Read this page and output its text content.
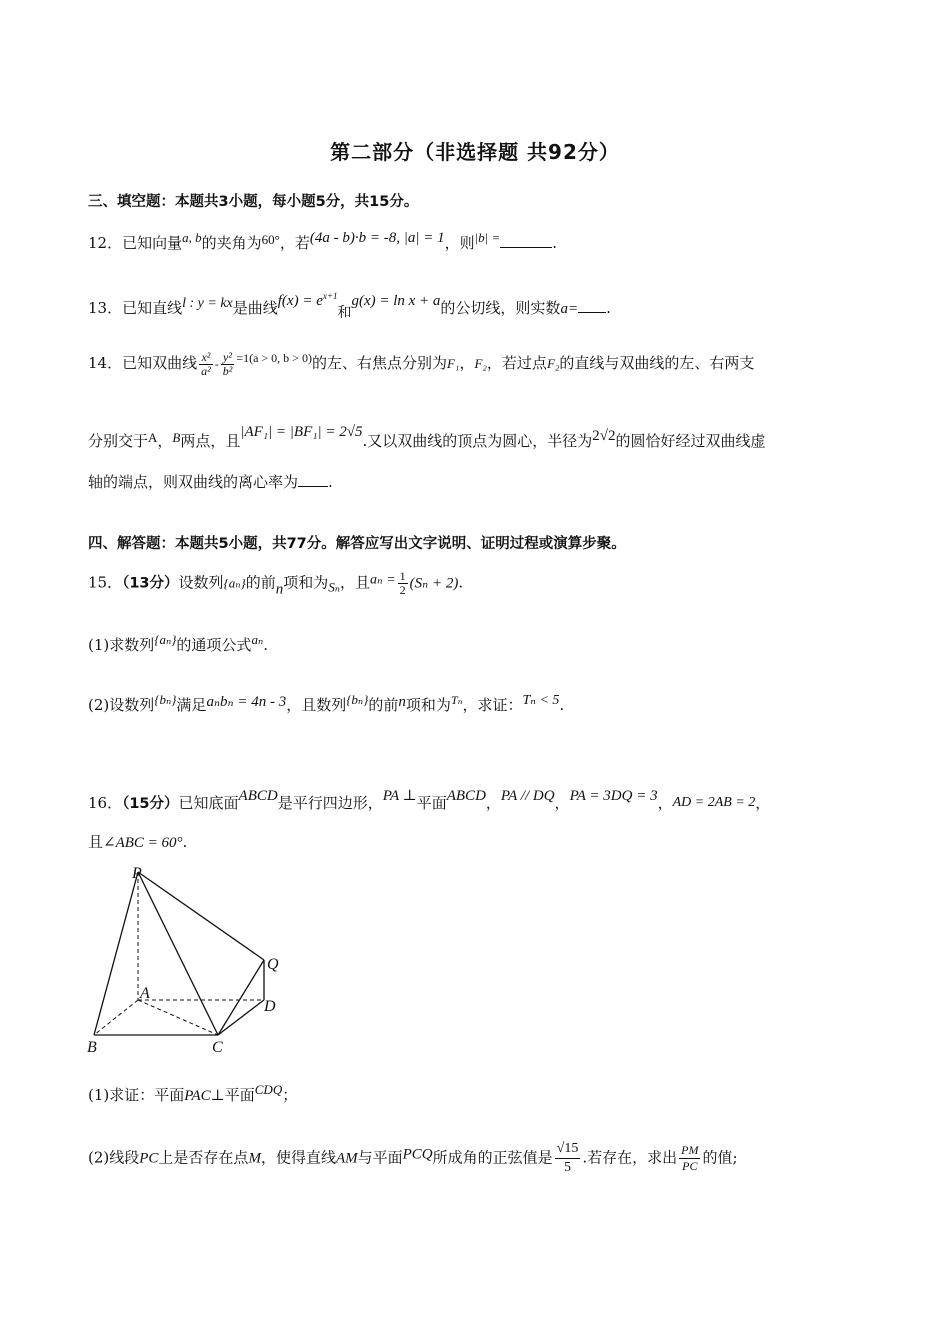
第二部分（非选择题 共92分）
三、填空题：本题共3小题，每小题5分，共15分。
12．已知向量a, b的夹角为60°，若(4a - b)·b = -8, |a| = 1，则|b| =	.
13．已知直线l : y = kx是曲线$f(x) = e^{x+1}$和g(x) = ln x + a的公切线，则实数a= .
14．已知双曲线 $\frac{\text{x²}}{\text{a²}} - \frac{\text{y²}}{\text{b²}} ^{=1(a > 0, b > 0)}$的左、右焦点分别为F₁，F₂，若过点F₂的直线与双曲线的左、右两支
分别交于A，B两点，且|AF₁| = |BF₁| = 2√5.又以双曲线的顶点为圆心，半径为2√2的圆恰好经过双曲线虚
轴的端点，则双曲线的离心率为 .
四、解答题：本题共5小题，共77分。解答应写出文字说明、证明过程或演算步聚。
15．（13分）设数列{aₙ}的前n项和为Sₙ，且$a_n = \frac{1}{2} (S_n + 2)$.
(1)求数列{aₙ}的通项公式aₙ.
(2)设数列{bₙ}满足aₙbₙ = 4n - 3，且数列{bₙ}的前n项和为$^{T_n}$，求证：Tₙ < 5.
16．（15分）已知底面ABCD是平行四边形，PA ⊥平面ABCD，PA // DQ，PA = 3DQ = 3，AD = 2AB = 2，
且∠ABC = 60°.
P
Q
A
D
B	C
(1)求证：平面PAC⊥平面CDQ；
(2)线段PC上是否存在点M，使得直线AM与平面PCQ所成角的正弦值是 $\frac{√15}{5}$ .若存在，求出 $\frac{PM}{PC}$ 的值;
